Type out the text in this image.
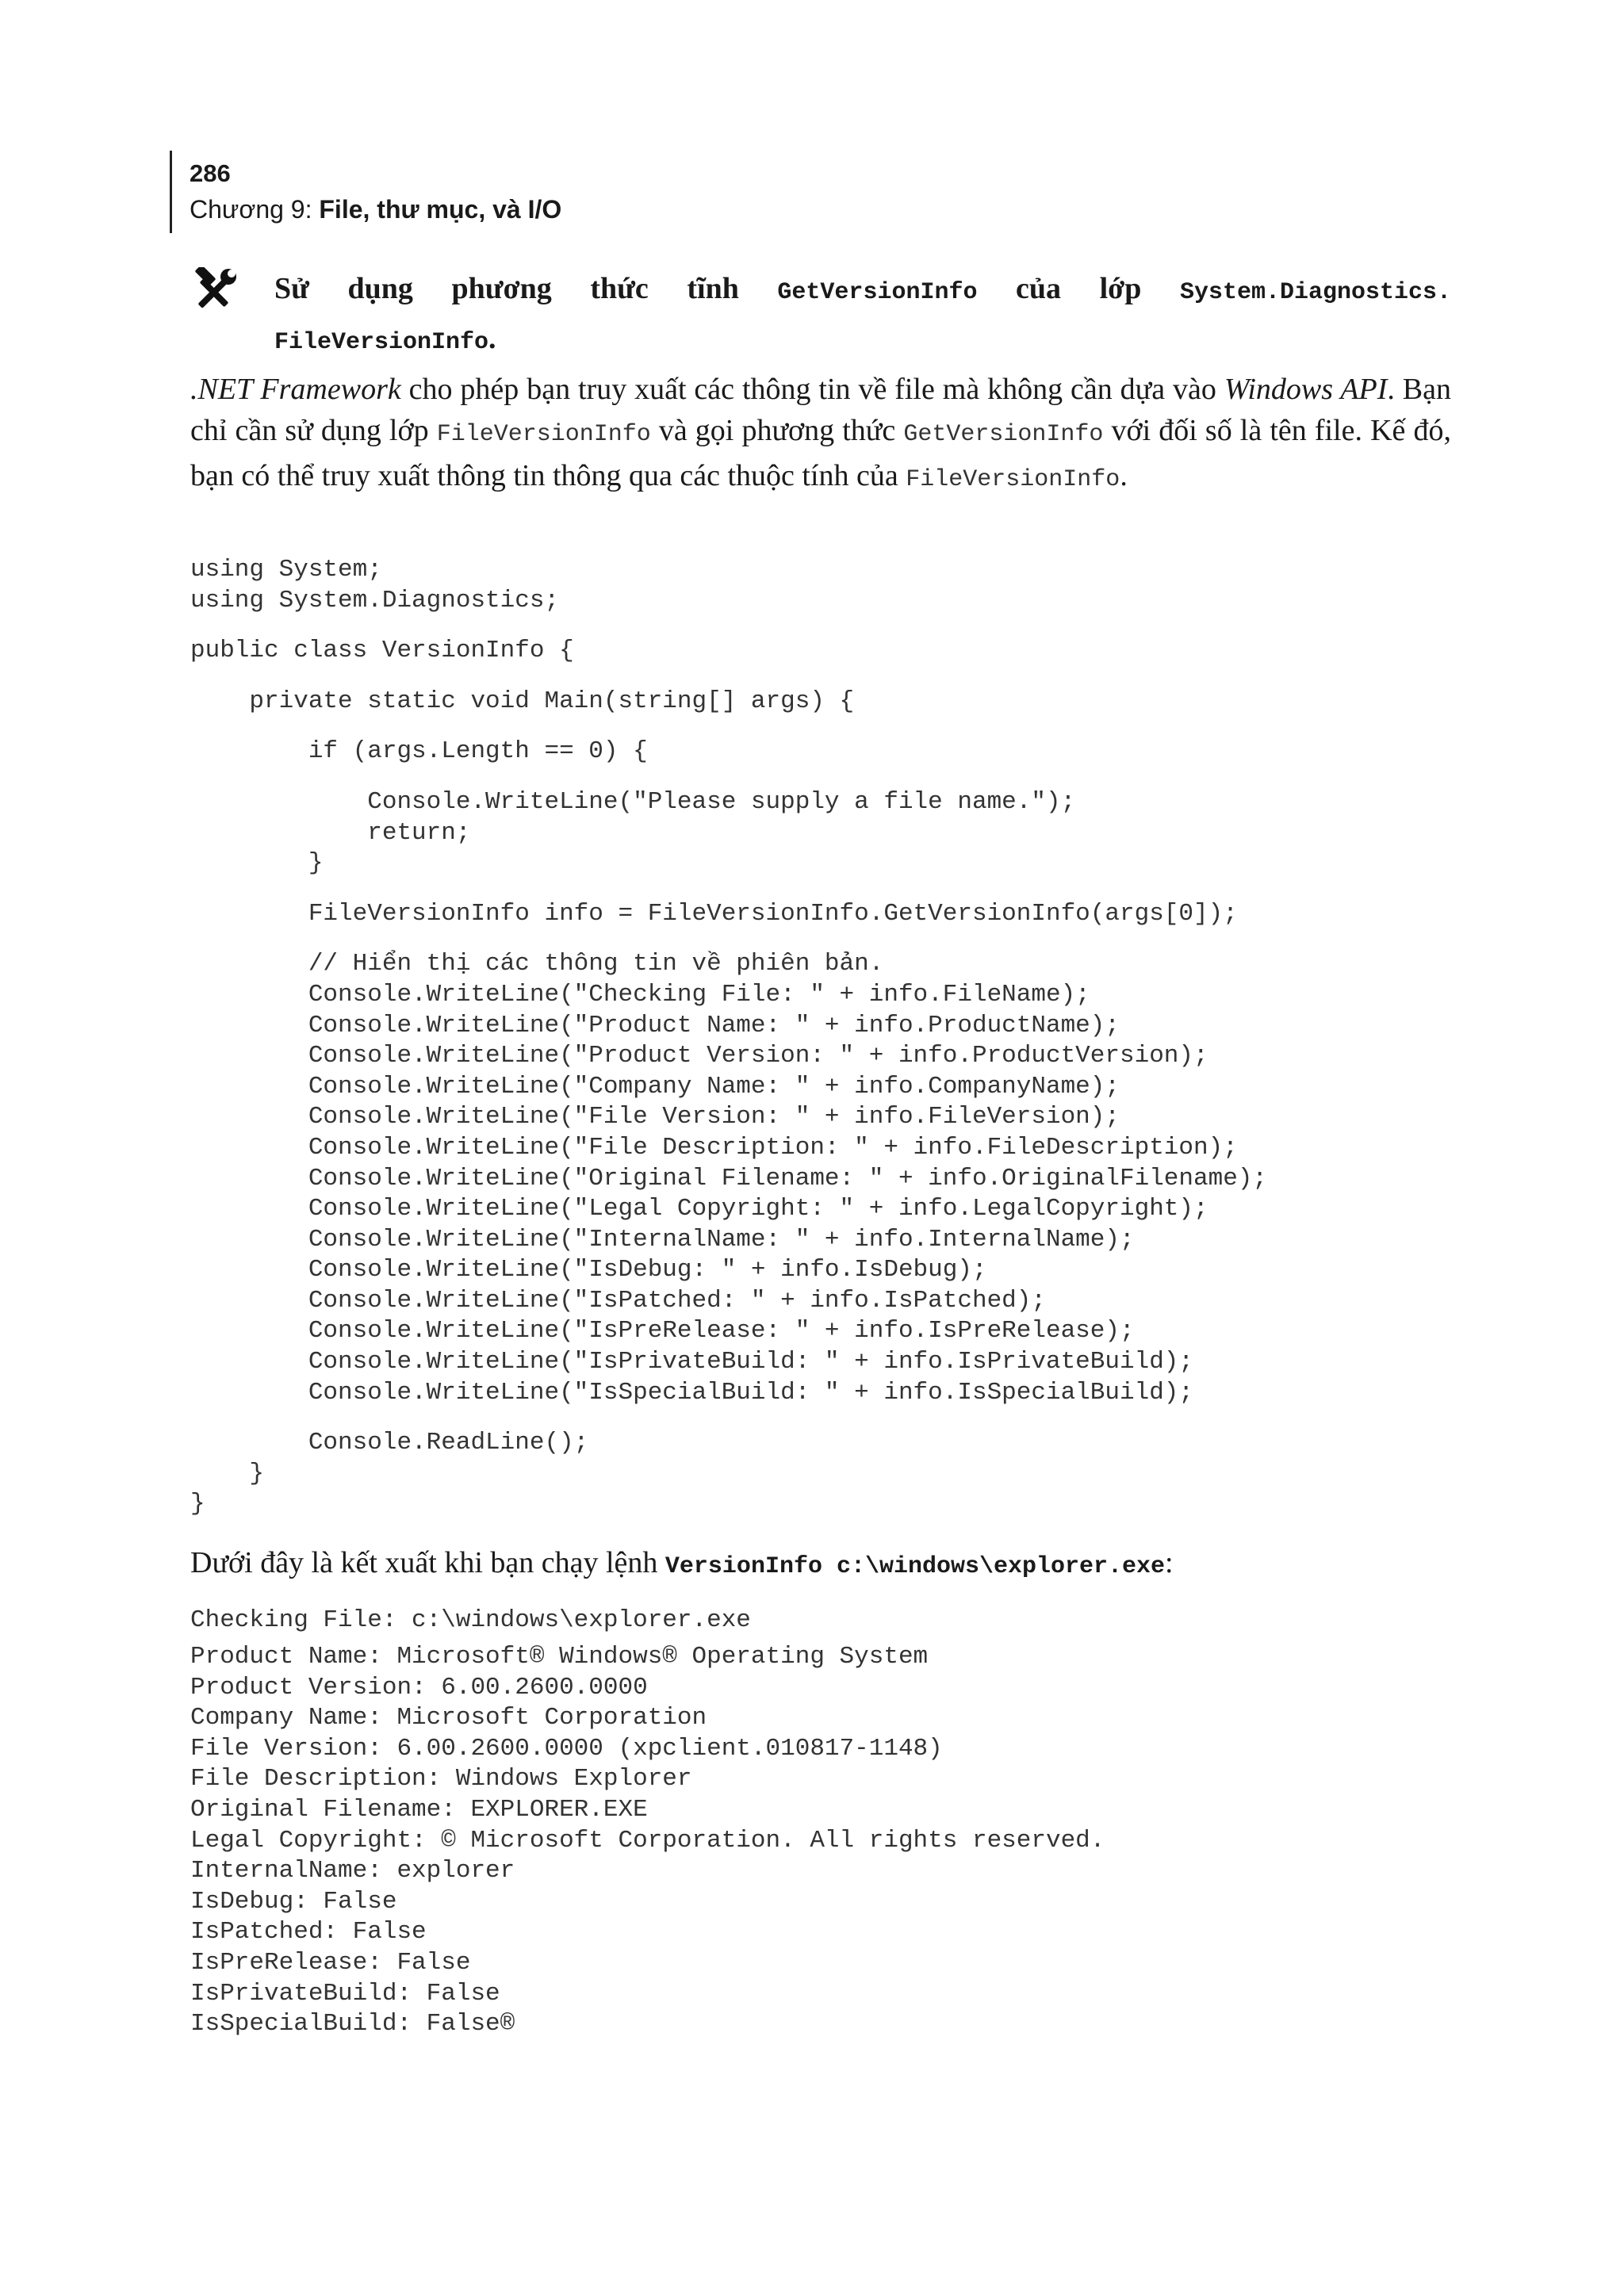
286
Chương 9: File, thư mục, và I/O
Sử dụng phương thức tĩnh GetVersionInfo của lớp System.Diagnostics. FileVersionInfo.
.NET Framework cho phép bạn truy xuất các thông tin về file mà không cần dựa vào Windows API. Bạn chỉ cần sử dụng lớp FileVersionInfo và gọi phương thức GetVersionInfo với đối số là tên file. Kế đó, bạn có thể truy xuất thông tin thông qua các thuộc tính của FileVersionInfo.
using System;
using System.Diagnostics;
public class VersionInfo {
private static void Main(string[] args) {
if (args.Length == 0) {
Console.WriteLine("Please supply a file name.");
return;
}
FileVersionInfo info = FileVersionInfo.GetVersionInfo(args[0]);
// Hiển thị các thông tin về phiên bản.
Console.WriteLine("Checking File: " + info.FileName);
Console.WriteLine("Product Name: " + info.ProductName);
Console.WriteLine("Product Version: " + info.ProductVersion);
Console.WriteLine("Company Name: " + info.CompanyName);
Console.WriteLine("File Version: " + info.FileVersion);
Console.WriteLine("File Description: " + info.FileDescription);
Console.WriteLine("Original Filename: " + info.OriginalFilename);
Console.WriteLine("Legal Copyright: " + info.LegalCopyright);
Console.WriteLine("InternalName: " + info.InternalName);
Console.WriteLine("IsDebug: " + info.IsDebug);
Console.WriteLine("IsPatched: " + info.IsPatched);
Console.WriteLine("IsPreRelease: " + info.IsPreRelease);
Console.WriteLine("IsPrivateBuild: " + info.IsPrivateBuild);
Console.WriteLine("IsSpecialBuild: " + info.IsSpecialBuild);
Console.ReadLine();
}
}
Dưới đây là kết xuất khi bạn chạy lệnh VersionInfo c:\windows\explorer.exe:
Checking File: c:\windows\explorer.exe
Product Name: Microsoft® Windows® Operating System
Product Version: 6.00.2600.0000
Company Name: Microsoft Corporation
File Version: 6.00.2600.0000 (xpclient.010817-1148)
File Description: Windows Explorer
Original Filename: EXPLORER.EXE
Legal Copyright: © Microsoft Corporation. All rights reserved.
InternalName: explorer
IsDebug: False
IsPatched: False
IsPreRelease: False
IsPrivateBuild: False
IsSpecialBuild: False®
